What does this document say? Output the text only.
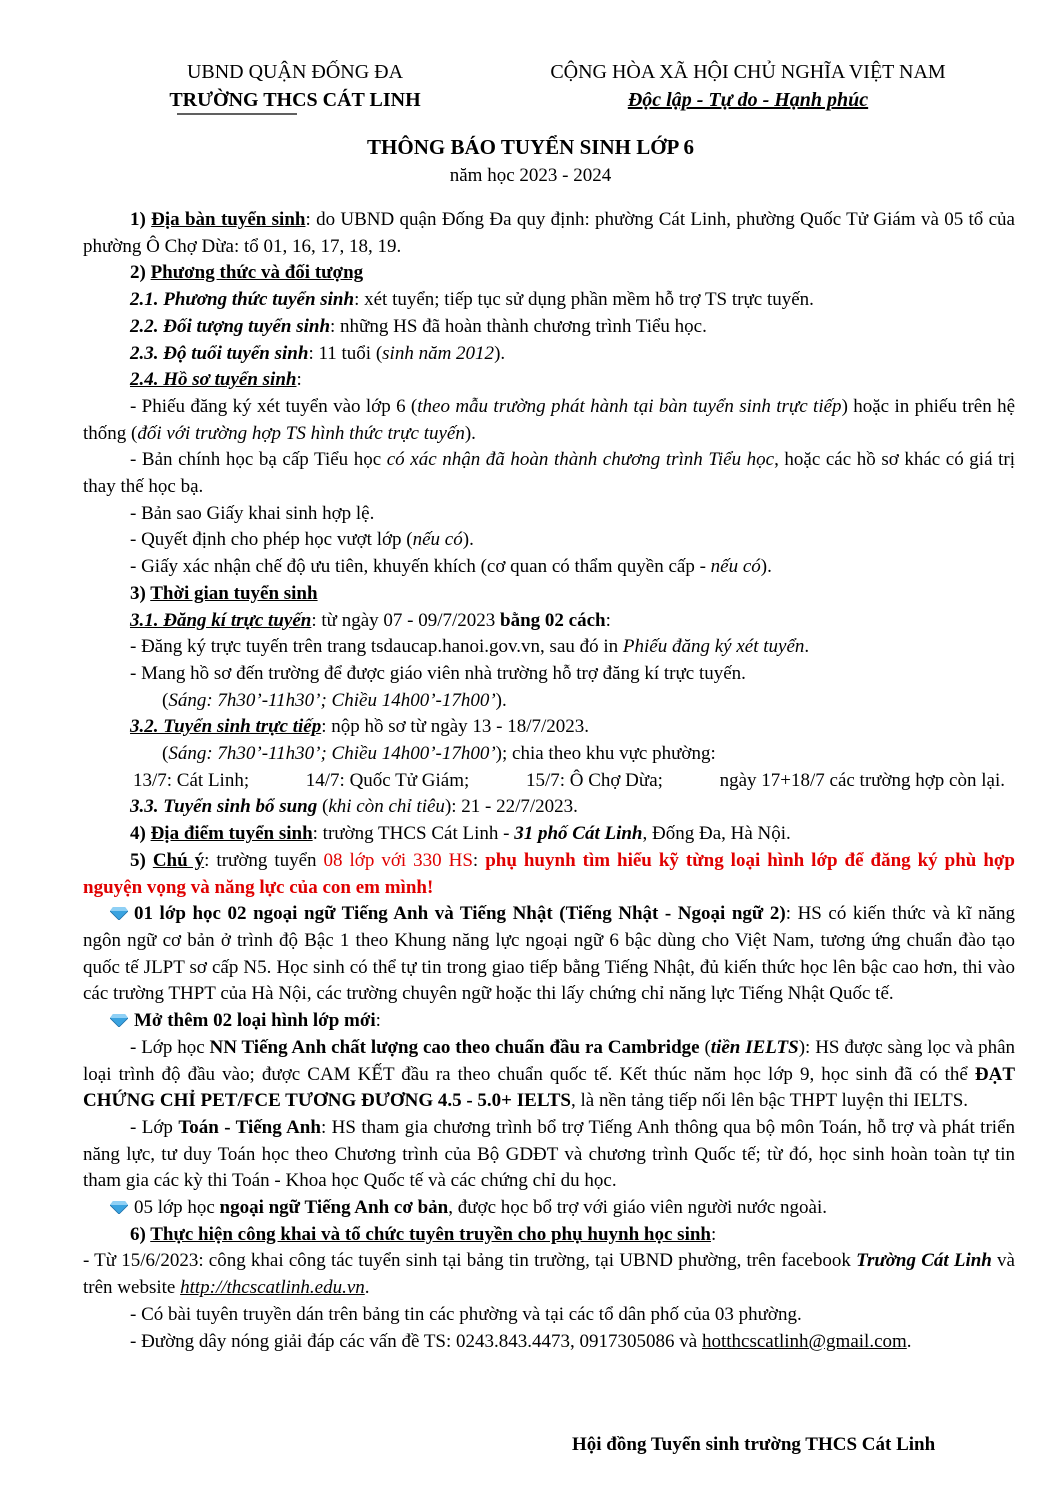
UBND QUẬN ĐỐNG ĐA
TRƯỜNG THCS CÁT LINH
CỘNG HÒA XÃ HỘI CHỦ NGHĨA VIỆT NAM
Độc lập - Tự do - Hạnh phúc
THÔNG BÁO TUYỂN SINH LỚP 6
năm học 2023 - 2024

1) Địa bàn tuyển sinh: do UBND quận Đống Đa quy định: phường Cát Linh, phường Quốc Tử Giám và 05 tổ của phường Ô Chợ Dừa: tổ 01, 16, 17, 18, 19.

2) Phương thức và đối tượng

2.1. Phương thức tuyển sinh: xét tuyển; tiếp tục sử dụng phần mềm hỗ trợ TS trực tuyến.

2.2. Đối tượng tuyển sinh: những HS đã hoàn thành chương trình Tiểu học.

2.3. Độ tuổi tuyển sinh: 11 tuổi (sinh năm 2012).

2.4. Hồ sơ tuyển sinh:

- Phiếu đăng ký xét tuyển vào lớp 6 (theo mẫu trường phát hành tại bàn tuyển sinh trực tiếp) hoặc in phiếu trên hệ thống (đối với trường hợp TS hình thức trực tuyến).

- Bản chính học bạ cấp Tiểu học có xác nhận đã hoàn thành chương trình Tiểu học, hoặc các hồ sơ khác có giá trị thay thế học bạ.

- Bản sao Giấy khai sinh hợp lệ.

- Quyết định cho phép học vượt lớp (nếu có).

- Giấy xác nhận chế độ ưu tiên, khuyến khích (cơ quan có thẩm quyền cấp - nếu có).

3) Thời gian tuyển sinh

3.1. Đăng kí trực tuyến: từ ngày 07 - 09/7/2023 bằng 02 cách:

- Đăng ký trực tuyến trên trang tsdaucap.hanoi.gov.vn, sau đó in Phiếu đăng ký xét tuyển.

- Mang hồ sơ đến trường để được giáo viên nhà trường hỗ trợ đăng kí trực tuyến.

(Sáng: 7h30’-11h30’; Chiều 14h00’-17h00’).

3.2. Tuyển sinh trực tiếp: nộp hồ sơ từ ngày 13 - 18/7/2023.

(Sáng: 7h30’-11h30’; Chiều 14h00’-17h00’); chia theo khu vực phường:

13/7: Cát Linh;	14/7: Quốc Tử Giám;	15/7: Ô Chợ Dừa;	ngày 17+18/7 các trường hợp còn lại.

3.3. Tuyển sinh bổ sung (khi còn chỉ tiêu): 21 - 22/7/2023.

4) Địa điểm tuyển sinh: trường THCS Cát Linh - 31 phố Cát Linh, Đống Đa, Hà Nội.

5) Chú ý: trường tuyển 08 lớp với 330 HS: phụ huynh tìm hiểu kỹ từng loại hình lớp để đăng ký phù hợp nguyện vọng và năng lực của con em mình!

01 lớp học 02 ngoại ngữ Tiếng Anh và Tiếng Nhật (Tiếng Nhật - Ngoại ngữ 2): HS có kiến thức và kĩ năng ngôn ngữ cơ bản ở trình độ Bậc 1 theo Khung năng lực ngoại ngữ 6 bậc dùng cho Việt Nam, tương ứng chuẩn đào tạo quốc tế JLPT sơ cấp N5. Học sinh có thể tự tin trong giao tiếp bằng Tiếng Nhật, đủ kiến thức học lên bậc cao hơn, thi vào các trường THPT của Hà Nội, các trường chuyên ngữ hoặc thi lấy chứng chỉ năng lực Tiếng Nhật Quốc tế.

Mở thêm 02 loại hình lớp mới:

- Lớp học NN Tiếng Anh chất lượng cao theo chuẩn đầu ra Cambridge (tiền IELTS): HS được sàng lọc và phân loại trình độ đầu vào; được CAM KẾT đầu ra theo chuẩn quốc tế. Kết thúc năm học lớp 9, học sinh đã có thể ĐẠT CHỨNG CHỈ PET/FCE TƯƠNG ĐƯƠNG 4.5 - 5.0+ IELTS, là nền tảng tiếp nối lên bậc THPT luyện thi IELTS.

- Lớp Toán - Tiếng Anh: HS tham gia chương trình bổ trợ Tiếng Anh thông qua bộ môn Toán, hỗ trợ và phát triển năng lực, tư duy Toán học theo Chương trình của Bộ GDĐT và chương trình Quốc tế; từ đó, học sinh hoàn toàn tự tin tham gia các kỳ thi Toán - Khoa học Quốc tế và các chứng chỉ du học.

05 lớp học ngoại ngữ Tiếng Anh cơ bản, được học bổ trợ với giáo viên người nước ngoài.

6) Thực hiện công khai và tổ chức tuyên truyền cho phụ huynh học sinh:

- Từ 15/6/2023: công khai công tác tuyển sinh tại bảng tin trường, tại UBND phường, trên facebook Trường Cát Linh và trên website http://thcscatlinh.edu.vn.

- Có bài tuyên truyền dán trên bảng tin các phường và tại các tổ dân phố của 03 phường.

- Đường dây nóng giải đáp các vấn đề TS: 0243.843.4473, 0917305086 và hotthcscatlinh@gmail.com.

Hội đồng Tuyển sinh trường THCS Cát Linh
